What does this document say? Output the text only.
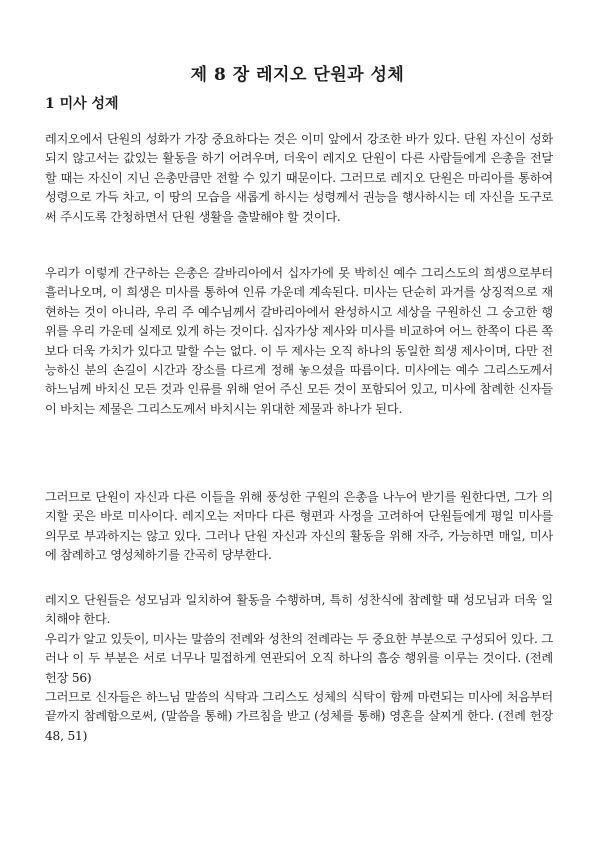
제 8 장 레지오 단원과 성체
1 미사 성제

레지오에서 단원의 성화가 가장 중요하다는 것은 이미 앞에서 강조한 바가 있다. 단원 자신이 성화 되지 않고서는 값있는 활동을 하기 어려우며, 더욱이 레지오 단원이 다른 사람들에게 은총을 전달 할 때는 자신이 지닌 은총만큼만 전할 수 있기 때문이다. 그러므로 레지오 단원은 마리아를 통하여 성령으로 가득 차고, 이 땅의 모습을 새롭게 하시는 성령께서 권능을 행사하시는 데 자신을 도구로 써 주시도록 간청하면서 단원 생활을 출발해야 할 것이다.

우리가 이렇게 간구하는 은총은 갈바리아에서 십자가에 못 박히신 예수 그리스도의 희생으로부터 흘러나오며, 이 희생은 미사를 통하여 인류 가운데 계속된다. 미사는 단순히 과거를 상징적으로 재현하는 것이 아니라, 우리 주 예수님께서 갈바리아에서 완성하시고 세상을 구원하신 그 숭고한 행위를 우리 가운데 실제로 있게 하는 것이다. 십자가상 제사와 미사를 비교하여 어느 한쪽이 다른 쪽보다 더욱 가치가 있다고 말할 수는 없다. 이 두 제사는 오직 하나의 동일한 희생 제사이며, 다만 전능하신 분의 손길이 시간과 장소를 다르게 정해 놓으셨을 따름이다. 미사에는 예수 그리스도께서 하느님께 바치신 모든 것과 인류를 위해 얻어 주신 모든 것이 포함되어 있고, 미사에 참례한 신자들이 바치는 제물은 그리스도께서 바치시는 위대한 제물과 하나가 된다.

그러므로 단원이 자신과 다른 이들을 위해 풍성한 구원의 은총을 나누어 받기를 원한다면, 그가 의지할 곳은 바로 미사이다. 레지오는 저마다 다른 형편과 사정을 고려하여 단원들에게 평일 미사를 의무로 부과하지는 않고 있다. 그러나 단원 자신과 자신의 활동을 위해 자주, 가능하면 매일, 미사에 참례하고 영성체하기를 간곡히 당부한다.

레지오 단원들은 성모님과 일치하여 활동을 수행하며, 특히 성찬식에 참례할 때 성모님과 더욱 일치해야 한다.
우리가 알고 있듯이, 미사는 말씀의 전례와 성찬의 전례라는 두 중요한 부분으로 구성되어 있다. 그러나 이 두 부분은 서로 너무나 밀접하게 연관되어 오직 하나의 흠숭 행위를 이루는 것이다. (전례 헌장 56)
그러므로 신자들은 하느님 말씀의 식탁과 그리스도 성체의 식탁이 함께 마련되는 미사에 처음부터 끝까지 참례함으로써, (말씀을 통해) 가르침을 받고 (성체를 통해) 영혼을 살찌게 한다. (전례 헌장 48, 51)
